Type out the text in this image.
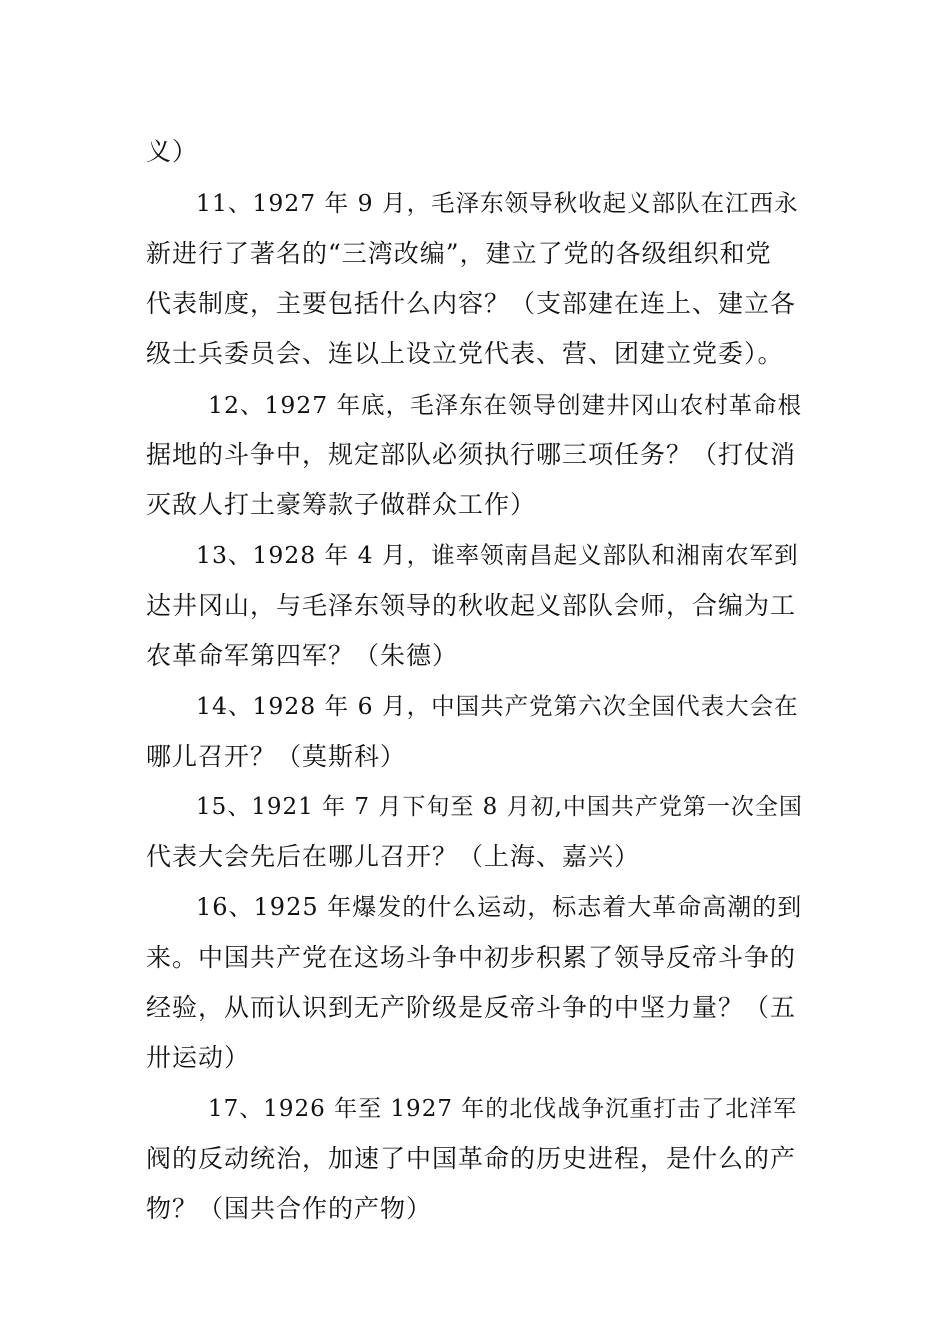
义）

11、1927 年 9 月，毛泽东领导秋收起义部队在江西永

新进行了著名的“三湾改编”，建立了党的各级组织和党

代表制度，主要包括什么内容？（支部建在连上、建立各

级士兵委员会、连以上设立党代表、营、团建立党委）。

12、1927 年底，毛泽东在领导创建井冈山农村革命根

据地的斗争中，规定部队必须执行哪三项任务？（打仗消

灭敌人打土豪筹款子做群众工作）

13、1928 年 4 月，谁率领南昌起义部队和湘南农军到

达井冈山，与毛泽东领导的秋收起义部队会师，合编为工

农革命军第四军？（朱德）

14、1928 年 6 月，中国共产党第六次全国代表大会在

哪儿召开？（莫斯科）

15、1921 年 7 月下旬至 8 月初,中国共产党第一次全国

代表大会先后在哪儿召开？（上海、嘉兴）

16、1925 年爆发的什么运动，标志着大革命高潮的到

来。中国共产党在这场斗争中初步积累了领导反帝斗争的

经验，从而认识到无产阶级是反帝斗争的中坚力量？（五

卅运动）

17、1926 年至 1927 年的北伐战争沉重打击了北洋军

阀的反动统治，加速了中国革命的历史进程，是什么的产

物？（国共合作的产物）
